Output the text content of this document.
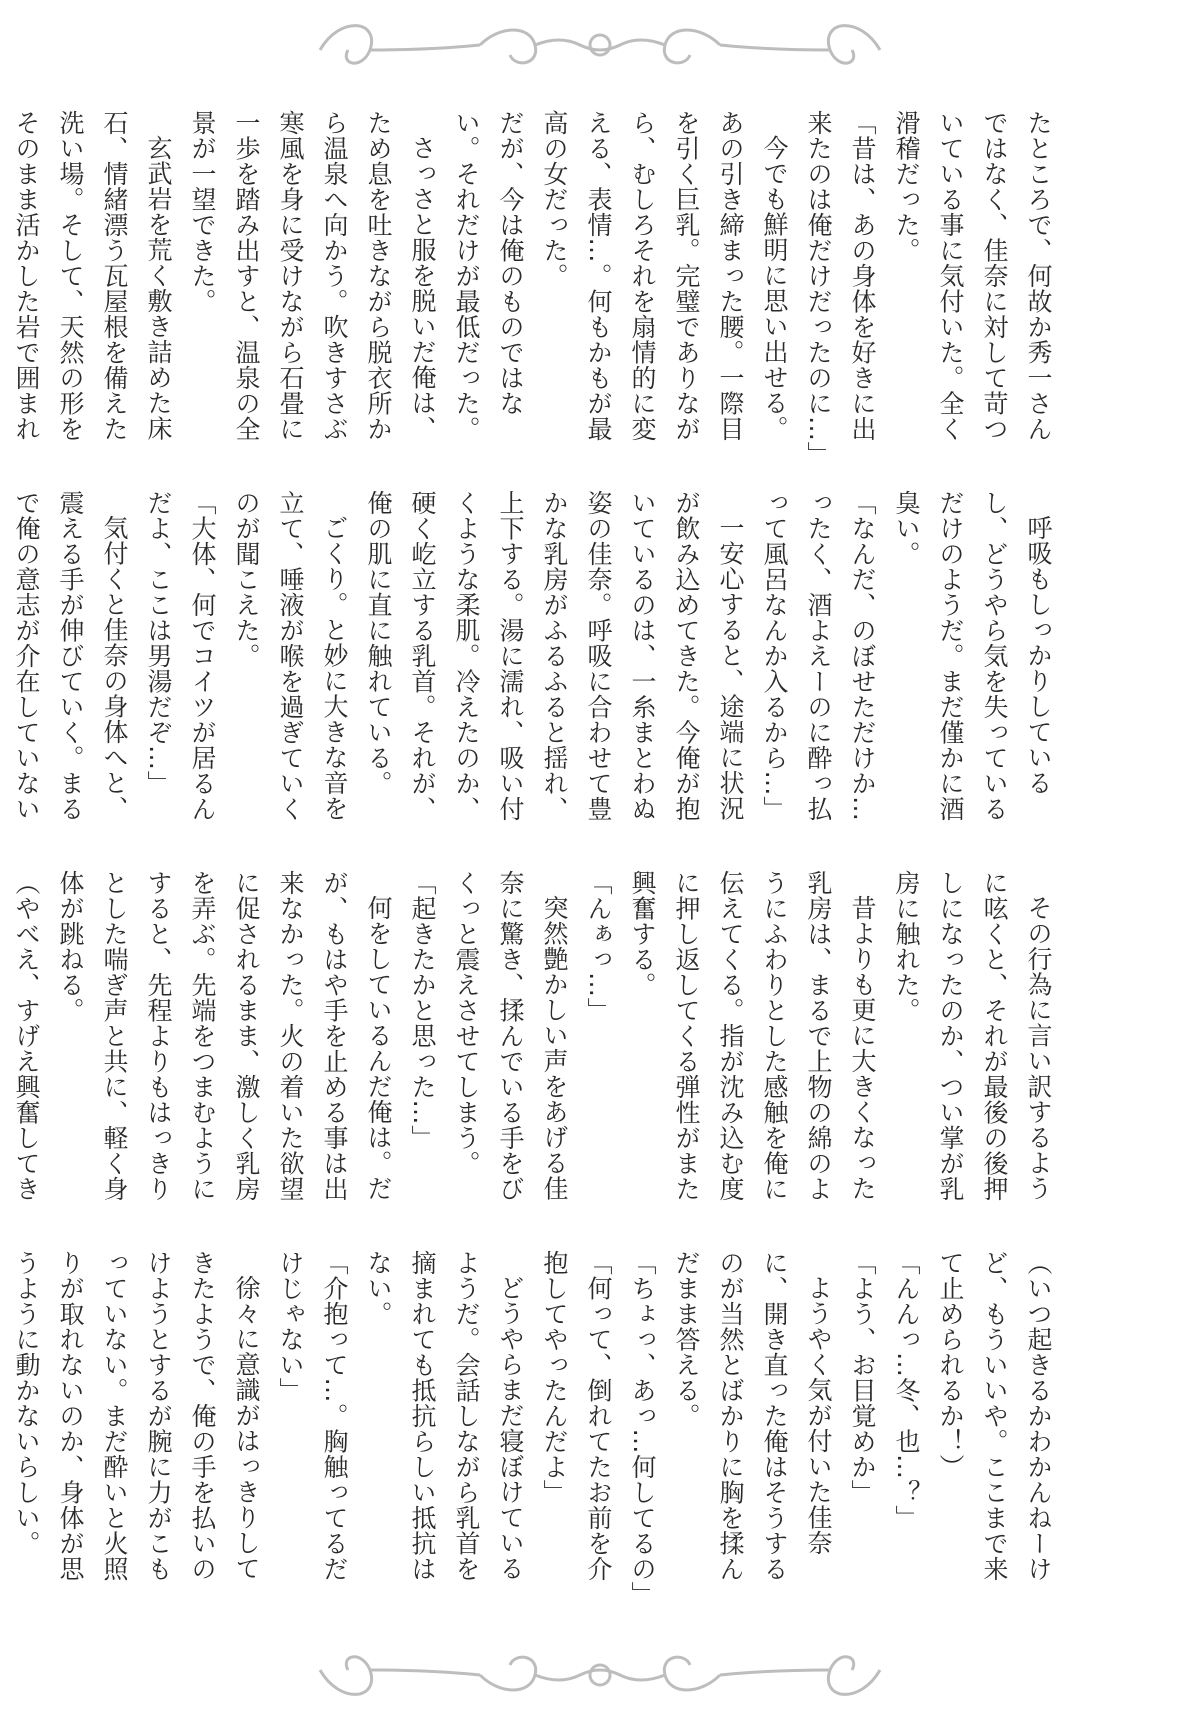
たところで、何故か秀一さんではなく、佳奈に対して苛ついている事に気付いた。全く滑稽だった。

「昔は、あの身体を好きに出来たのは俺だけだったのに…」

今でも鮮明に思い出せる。あの引き締まった腰。一際目を引く巨乳。完璧でありながら、むしろそれを扇情的に変える、表情…。何もかもが最高の女だった。

だが、今は俺のものではない。それだけが最低だった。

さっさと服を脱いだ俺は、ため息を吐きながら脱衣所から温泉へ向かう。吹きすさぶ寒風を身に受けながら石畳に一歩を踏み出すと、温泉の全景が一望できた。

玄武岩を荒く敷き詰めた床石、情緒漂う瓦屋根を備えた洗い場。そして、天然の形をそのまま活かした岩で囲まれ

呼吸もしっかりしているし、どうやら気を失っているだけのようだ。まだ僅かに酒臭い。

「なんだ、のぼせただけか…ったく、酒よえーのに酔っ払って風呂なんか入るから…」

一安心すると、途端に状況が飲み込めてきた。今俺が抱いているのは、一糸まとわぬ姿の佳奈。呼吸に合わせて豊かな乳房がふるふると揺れ、上下する。湯に濡れ、吸い付くような柔肌。冷えたのか、硬く屹立する乳首。それが、俺の肌に直に触れている。

ごくり。と妙に大きな音を立て、唾液が喉を過ぎていくのが聞こえた。

「大体、何でコイツが居るんだよ、ここは男湯だぞ…」

気付くと佳奈の身体へと、震える手が伸びていく。まるで俺の意志が介在していない

その行為に言い訳するように呟くと、それが最後の後押しになったのか、つい掌が乳房に触れた。

昔よりも更に大きくなった乳房は、まるで上物の綿のようにふわりとした感触を俺に伝えてくる。指が沈み込む度に押し返してくる弾性がまた興奮する。

「んぁっ…」

突然艶かしい声をあげる佳奈に驚き、揉んでいる手をびくっと震えさせてしまう。

「起きたかと思った…」

何をしているんだ俺は。だが、もはや手を止める事は出来なかった。火の着いた欲望に促されるまま、激しく乳房を弄ぶ。先端をつまむようにすると、先程よりもはっきりとした喘ぎ声と共に、軽く身体が跳ねる。

（やべえ、すげえ興奮してき

（いつ起きるかわかんねーけど、もういいや。ここまで来て止められるか！）

「んんっ…冬、也…？」

「よう、お目覚めか」

ようやく気が付いた佳奈に、開き直った俺はそうするのが当然とばかりに胸を揉んだまま答える。

「ちょっ、あっ…何してるの」

「何って、倒れてたお前を介抱してやったんだよ」

どうやらまだ寝ぼけているようだ。会話しながら乳首を摘まれても抵抗らしい抵抗はない。

「介抱って…。胸触ってるだけじゃない」

徐々に意識がはっきりしてきたようで、俺の手を払いのけようとするが腕に力がこもっていない。まだ酔いと火照りが取れないのか、身体が思うように動かないらしい。
